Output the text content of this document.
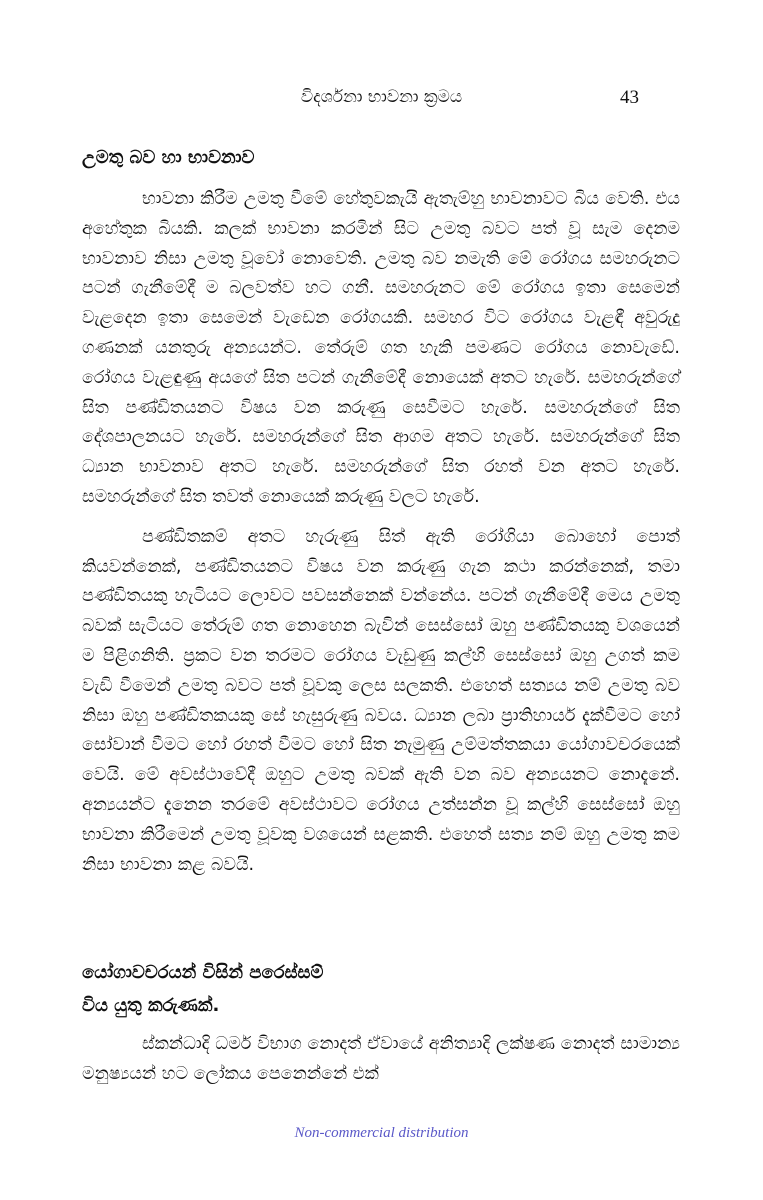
විදර්ශනා භාවනා ක්‍රමය	43
උමතු බව හා භාවනාව

භාවනා කිරීම උමතු වීමේ හේතුවකැයි ඇතැම්හු භාවනාවට බිය වෙති. එය අහේතුක බියකි. කලක් භාවනා කරමින් සිට උමතු බවට පත් වූ සැම දෙනම භාවනාව නිසා උමතු වූවෝ නොවෙති. උමතු බව නමැති මේ රෝගය සමහරුනට පටන් ගැනීමේදී ම බලවත්ව හට ගනී. සමහරුනට මේ රෝගය ඉතා සෙමෙන් වැළදෙන ඉතා සෙමෙන් වැඩෙන රෝගයකි. සමහර විට රෝගය වැළඳී අවුරුදු ගණනක් යනතුරු අන්‍යයන්ට. තේරුම් ගත හැකි පමණට රෝගය නොවැඩේ. රෝගය වැළඳුණු අයගේ සිත පටන් ගැනීමේදී නොයෙක් අතට හැරේ. සමහරුන්ගේ සිත පණ්ඩිතයනට විෂය වන කරුණු සෙවීමට හැරේ. සමහරුන්ගේ සිත දේශපාලනයට හැරේ. සමහරුන්ගේ සිත ආගම අතට හැරේ. සමහරුන්ගේ සිත ධ්‍යාන භාවනාව අතට හැරේ. සමහරුන්ගේ සිත රහත් වන අතට හැරේ. සමහරුන්ගේ සිත තවත් නොයෙක් කරුණු වලට හැරේ.

පණ්ඩිතකම් අතට හැරුණු සිත් ඇති රෝගියා බොහෝ පොත් කියවන්නෙක්, පණ්ඩිතයනට විෂය වන කරුණු ගැන කථා කරන්නෙක්, තමා පණ්ඩිතයකු හැටියට ලොවට පවසන්නෙක් වන්නේය. පටන් ගැනීමේදී මෙය උමතු බවක් සැටියට තේරුම් ගත නොහෙන බැවින් සෙස්සෝ ඔහු පණ්ඩිතයකු වශයෙන් ම පිළිගනිති. ප්‍රකට වන තරමට රෝගය වැඩුණු කල්හි සෙස්සෝ ඔහු උගත් කම වැඩි වීමෙන් උමතු බවට පත් වූවකු ලෙස සලකති. එහෙත් සත්‍යය නම් උමතු බව නිසා ඔහු පණ්ඩිතකයකු සේ හැසුරුණු බවය. ධ්‍යාන ලබා ප්‍රාතිහාර්ය දැක්වීමට හෝ සෝවාන් වීමට හෝ රහත් වීමට හෝ සිත නැමුණු උම්මත්තකයා යෝගාවචරයෙක් වෙයි. මේ අවස්ථාවේදී ඔහුට උමතු බවක් ඇති වන බව අන්‍යයනට නොදැනේ. අන්‍යයන්ට දැනෙන තරමේ අවස්ථාවට රෝගය උත්සන්න වූ කල්හි සෙස්සෝ ඔහු භාවනා කිරීමෙන් උමතු වූවකු වශයෙන් සළකති. එහෙත් සත්‍ය නම් ඔහු උමතු කම නිසා භාවනා කළ බවයි.

යෝගාවචරයන් විසින් පරෙස්සම්
විය යුතු කරුණක්.

ස්කන්ධාදි ධර්ම විභාග නොදත් ඒවායේ අනිත්‍යාදි ලක්ෂණ නොදත් සාමාන්‍ය මනුෂ්‍යයන් හට ලෝකය පෙනෙන්නේ එක්

Non-commercial distribution
